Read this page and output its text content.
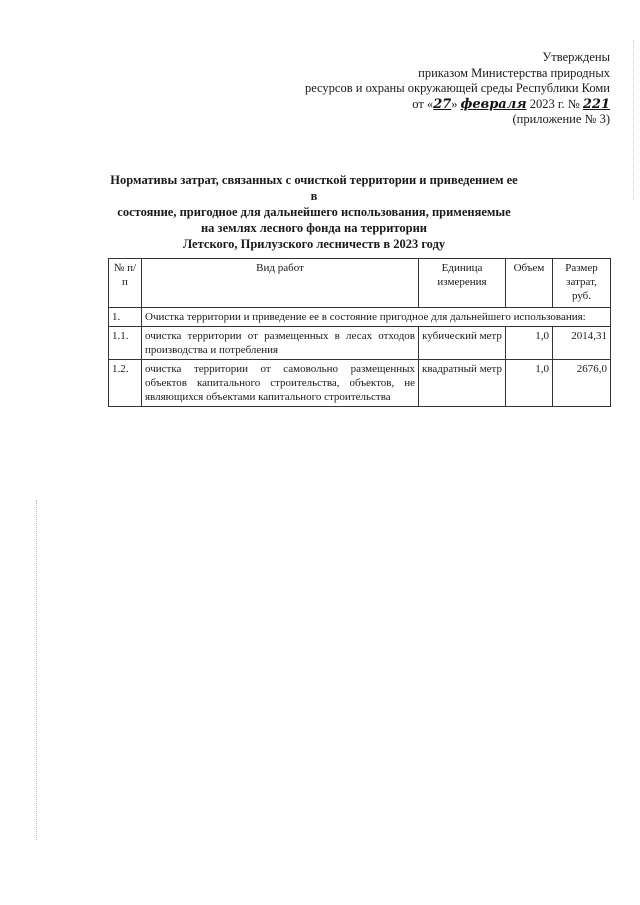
Утверждены
приказом Министерства природных
ресурсов и охраны окружающей среды Республики Коми
от «27» февраля 2023 г. № 221
(приложение № 3)
Нормативы затрат, связанных с очисткой территории и приведением ее в
состояние, пригодное для дальнейшего использования, применяемые
на землях лесного фонда на территории
Летского, Прилузского лесничеств в 2023 году
№ п/п	Вид работ	Единица измерения	Объем	Размер затрат, руб.
1.	Очистка территории и приведение ее в состояние пригодное для дальнейшего использования:			
1.1.	очистка территории от размещенных в лесах отходов производства и потребления	кубический метр	1,0	2014,31
1.2.	очистка территории от самовольно размещенных объектов капитального строительства, объектов, не являющихся объектами капитального строительства	квадратный метр	1,0	2676,0
